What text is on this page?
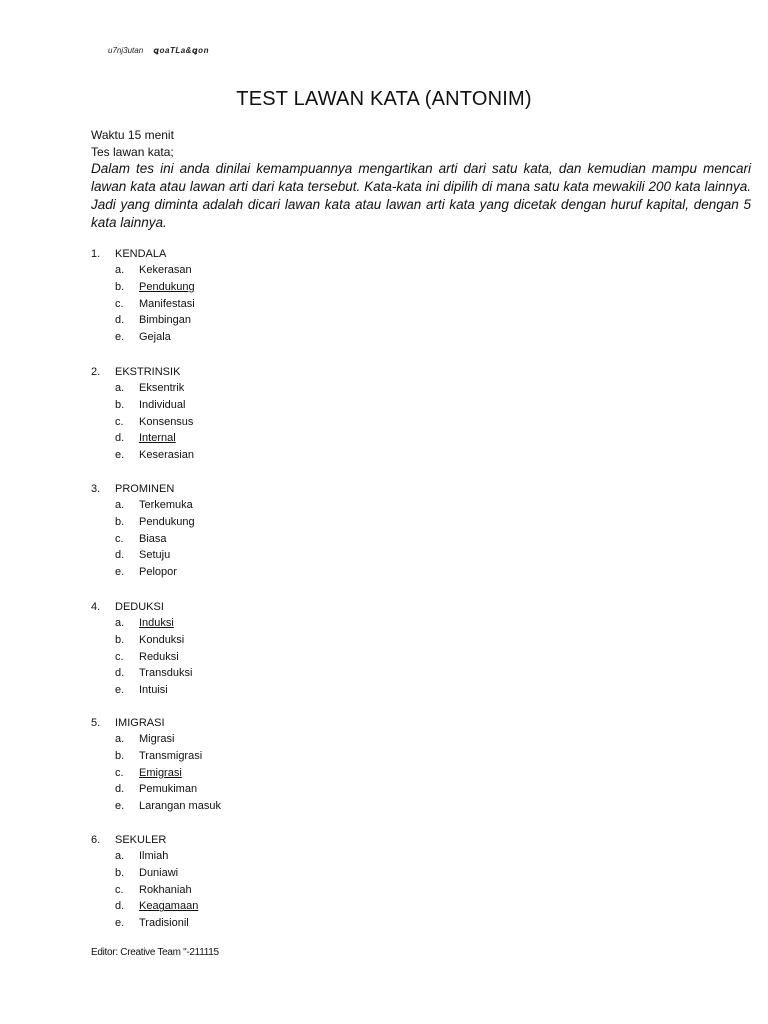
u7nj3utan ꝗoaTLa&ꝗon
TEST LAWAN KATA (ANTONIM)
Waktu 15 menit
Tes lawan kata;

Dalam tes ini anda dinilai kemampuannya mengartikan arti dari satu kata, dan kemudian mampu mencari lawan kata atau lawan arti dari kata tersebut. Kata-kata ini dipilih di mana satu kata mewakili 200 kata lainnya. Jadi yang diminta adalah dicari lawan kata atau lawan arti kata yang dicetak dengan huruf kapital, dengan 5 kata lainnya.

1. KENDALA
a. Kekerasan
b. Pendukung
c. Manifestasi
d. Bimbingan
e. Gejala
2. EKSTRINSIK
a. Eksentrik
b. Individual
c. Konsensus
d. Internal
e. Keserasian
3. PROMINEN
a. Terkemuka
b. Pendukung
c. Biasa
d. Setuju
e. Pelopor
4. DEDUKSI
a. Induksi
b. Konduksi
c. Reduksi
d. Transduksi
e. Intuisi
5. IMIGRASI
a. Migrasi
b. Transmigrasi
c. Emigrasi
d. Pemukiman
e. Larangan masuk
6. SEKULER
a. Ilmiah
b. Duniawi
c. Rokhaniah
d. Keagamaan
e. Tradisionil
Editor: Creative Team "-211115
